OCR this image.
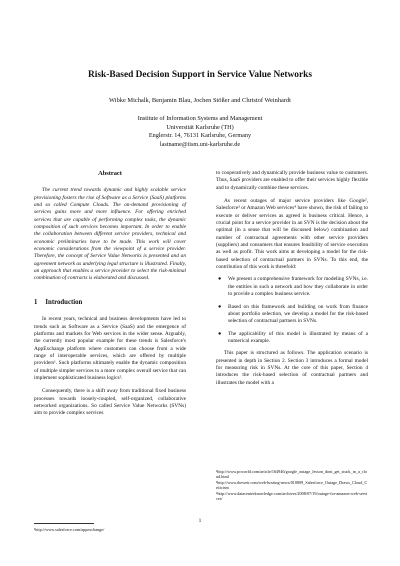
Risk-Based Decision Support in Service Value Networks
Wibke Michalk, Benjamin Blau, Jochen Stößer and Christof Weinhardt
Institute of Information Systems and Management
Universität Karlsruhe (TH)
Englerstr. 14, 76131 Karlsruhe, Germany
lastname@iism.uni-karlsruhe.de
Abstract

The current trend towards dynamic and highly scalable service provisioning fosters the rise of Software as a Service (SaaS) platforms and so called Compute Clouds. The on-demand provisioning of services gains more and more influence. For offering enriched services that are capable of performing complex tasks, the dynamic composition of such services becomes important. In order to enable the collaboration between different service providers, technical and economic preliminaries have to be made. This work will cover economic considerations from the viewpoint of a service provider. Therefore, the concept of Service Value Networks is presented and an agreement network as underlying legal structure is illustrated. Finally, an approach that enables a service provider to select the risk-minimal combination of contracts is elaborated and discussed.

1 Introduction

In recent years, technical and business developments have led to trends such as Software as a Service (SaaS) and the emergence of platforms and markets for Web services in the wider sense. Arguably, the currently most popular example for these trends is Salesforce's AppExchange platform where customers can choose from a wide range of interoperable services, which are offered by multiple providers¹. Such platforms ultimately enable the dynamic composition of multiple simpler services to a more complex overall service that can implement sophisticated business logics².

Consequently, there is a shift away from traditional fixed business processes towards loosely-coupled, self-organized, collaborative networked organizations. So called Service Value Networks (SVNs) aim to provide complex services

to cooperatively and dynamically provide business value to customers. Thus, SaaS providers are enabled to offer their services highly flexible and to dynamically combine these services.

As recent outages of major service providers like Google², Salesforce³ or Amazon Web services⁴ have shown, the risk of failing to execute or deliver services as agreed is business critical. Hence, a crucial point for a service provider in an SVN is the decision about the optimal (in a sense that will be discussed below) combination and number of contractual agreements with other service providers (suppliers) and consumers that ensures feasibility of service execution as well as profit. This work aims at developing a model for the risk-based selection of contractual partners in SVNs. To this end, the contribution of this work is threefold:

● We present a comprehensive framework for modeling SVNs, i.e. the entities in such a network and how they collaborate in order to provide a complex business service.
● Based on this framework and building on work from finance about portfolio selection, we develop a model for the risk-based selection of contractual partners in SVNs.
● The applicability of this model is illustrated by means of a numerical example.

This paper is structured as follows. The application scenario is presented in depth in Section 2. Section 3 introduces a formal model for measuring risk in SVNs. At the core of this paper, Section 4 introduces the risk-based selection of contractual partners and illustrates the model with a

¹http://www.salesforce.com/appexchange/
²http://www.pcworld.com/article/164946/google_outage_lesson_dont_get_stuck_in_a_cloud.html
³http://www.theweir.com/web-hosting-news/010809_Salesforce_Outage_Draws_Cloud_Criticism
⁴http://www.datacenterknowledge.com/archives/2008/07/19/outage-for-amazon-web-services/
1
